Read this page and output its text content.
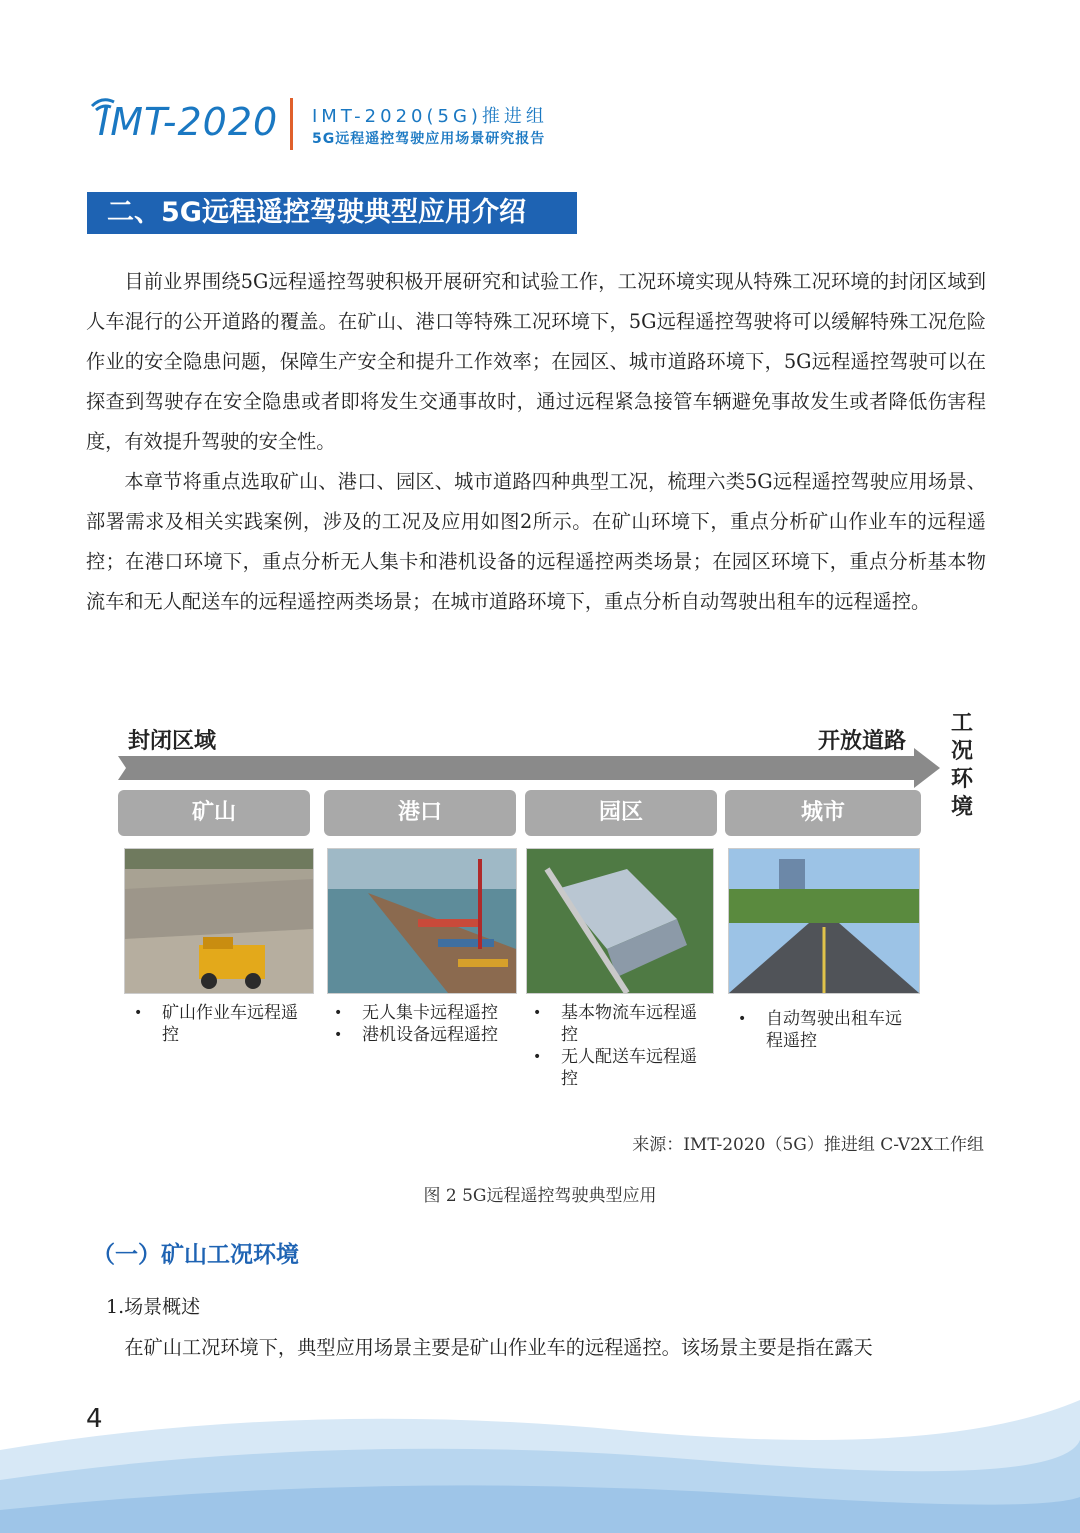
IMT-2020 IMT-2020(5G)推进组
5G远程遥控驾驶应用场景研究报告
二、5G远程遥控驾驶典型应用介绍

目前业界围绕5G远程遥控驾驶积极开展研究和试验工作，工况环境实现从特殊工况环境的封闭区域到人车混行的公开道路的覆盖。在矿山、港口等特殊工况环境下，5G远程遥控驾驶将可以缓解特殊工况危险作业的安全隐患问题，保障生产安全和提升工作效率；在园区、城市道路环境下，5G远程遥控驾驶可以在探查到驾驶存在安全隐患或者即将发生交通事故时，通过远程紧急接管车辆避免事故发生或者降低伤害程度，有效提升驾驶的安全性。

本章节将重点选取矿山、港口、园区、城市道路四种典型工况，梳理六类5G远程遥控驾驶应用场景、部署需求及相关实践案例，涉及的工况及应用如图2所示。在矿山环境下，重点分析矿山作业车的远程遥控；在港口环境下，重点分析无人集卡和港机设备的远程遥控两类场景；在园区环境下，重点分析基本物流车和无人配送车的远程遥控两类场景；在城市道路环境下，重点分析自动驾驶出租车的远程遥控。

封闭区域	开放道路
工况环境
矿山	港口	园区	城市
• 矿山作业车远程遥控
• 无人集卡远程遥控
• 港机设备远程遥控
• 基本物流车远程遥控
• 无人配送车远程遥控
• 自动驾驶出租车远程遥控
来源：IMT-2020（5G）推进组 C-V2X工作组
图 2 5G远程遥控驾驶典型应用
（一）矿山工况环境
1.场景概述

在矿山工况环境下，典型应用场景主要是矿山作业车的远程遥控。该场景主要是指在露天

4
